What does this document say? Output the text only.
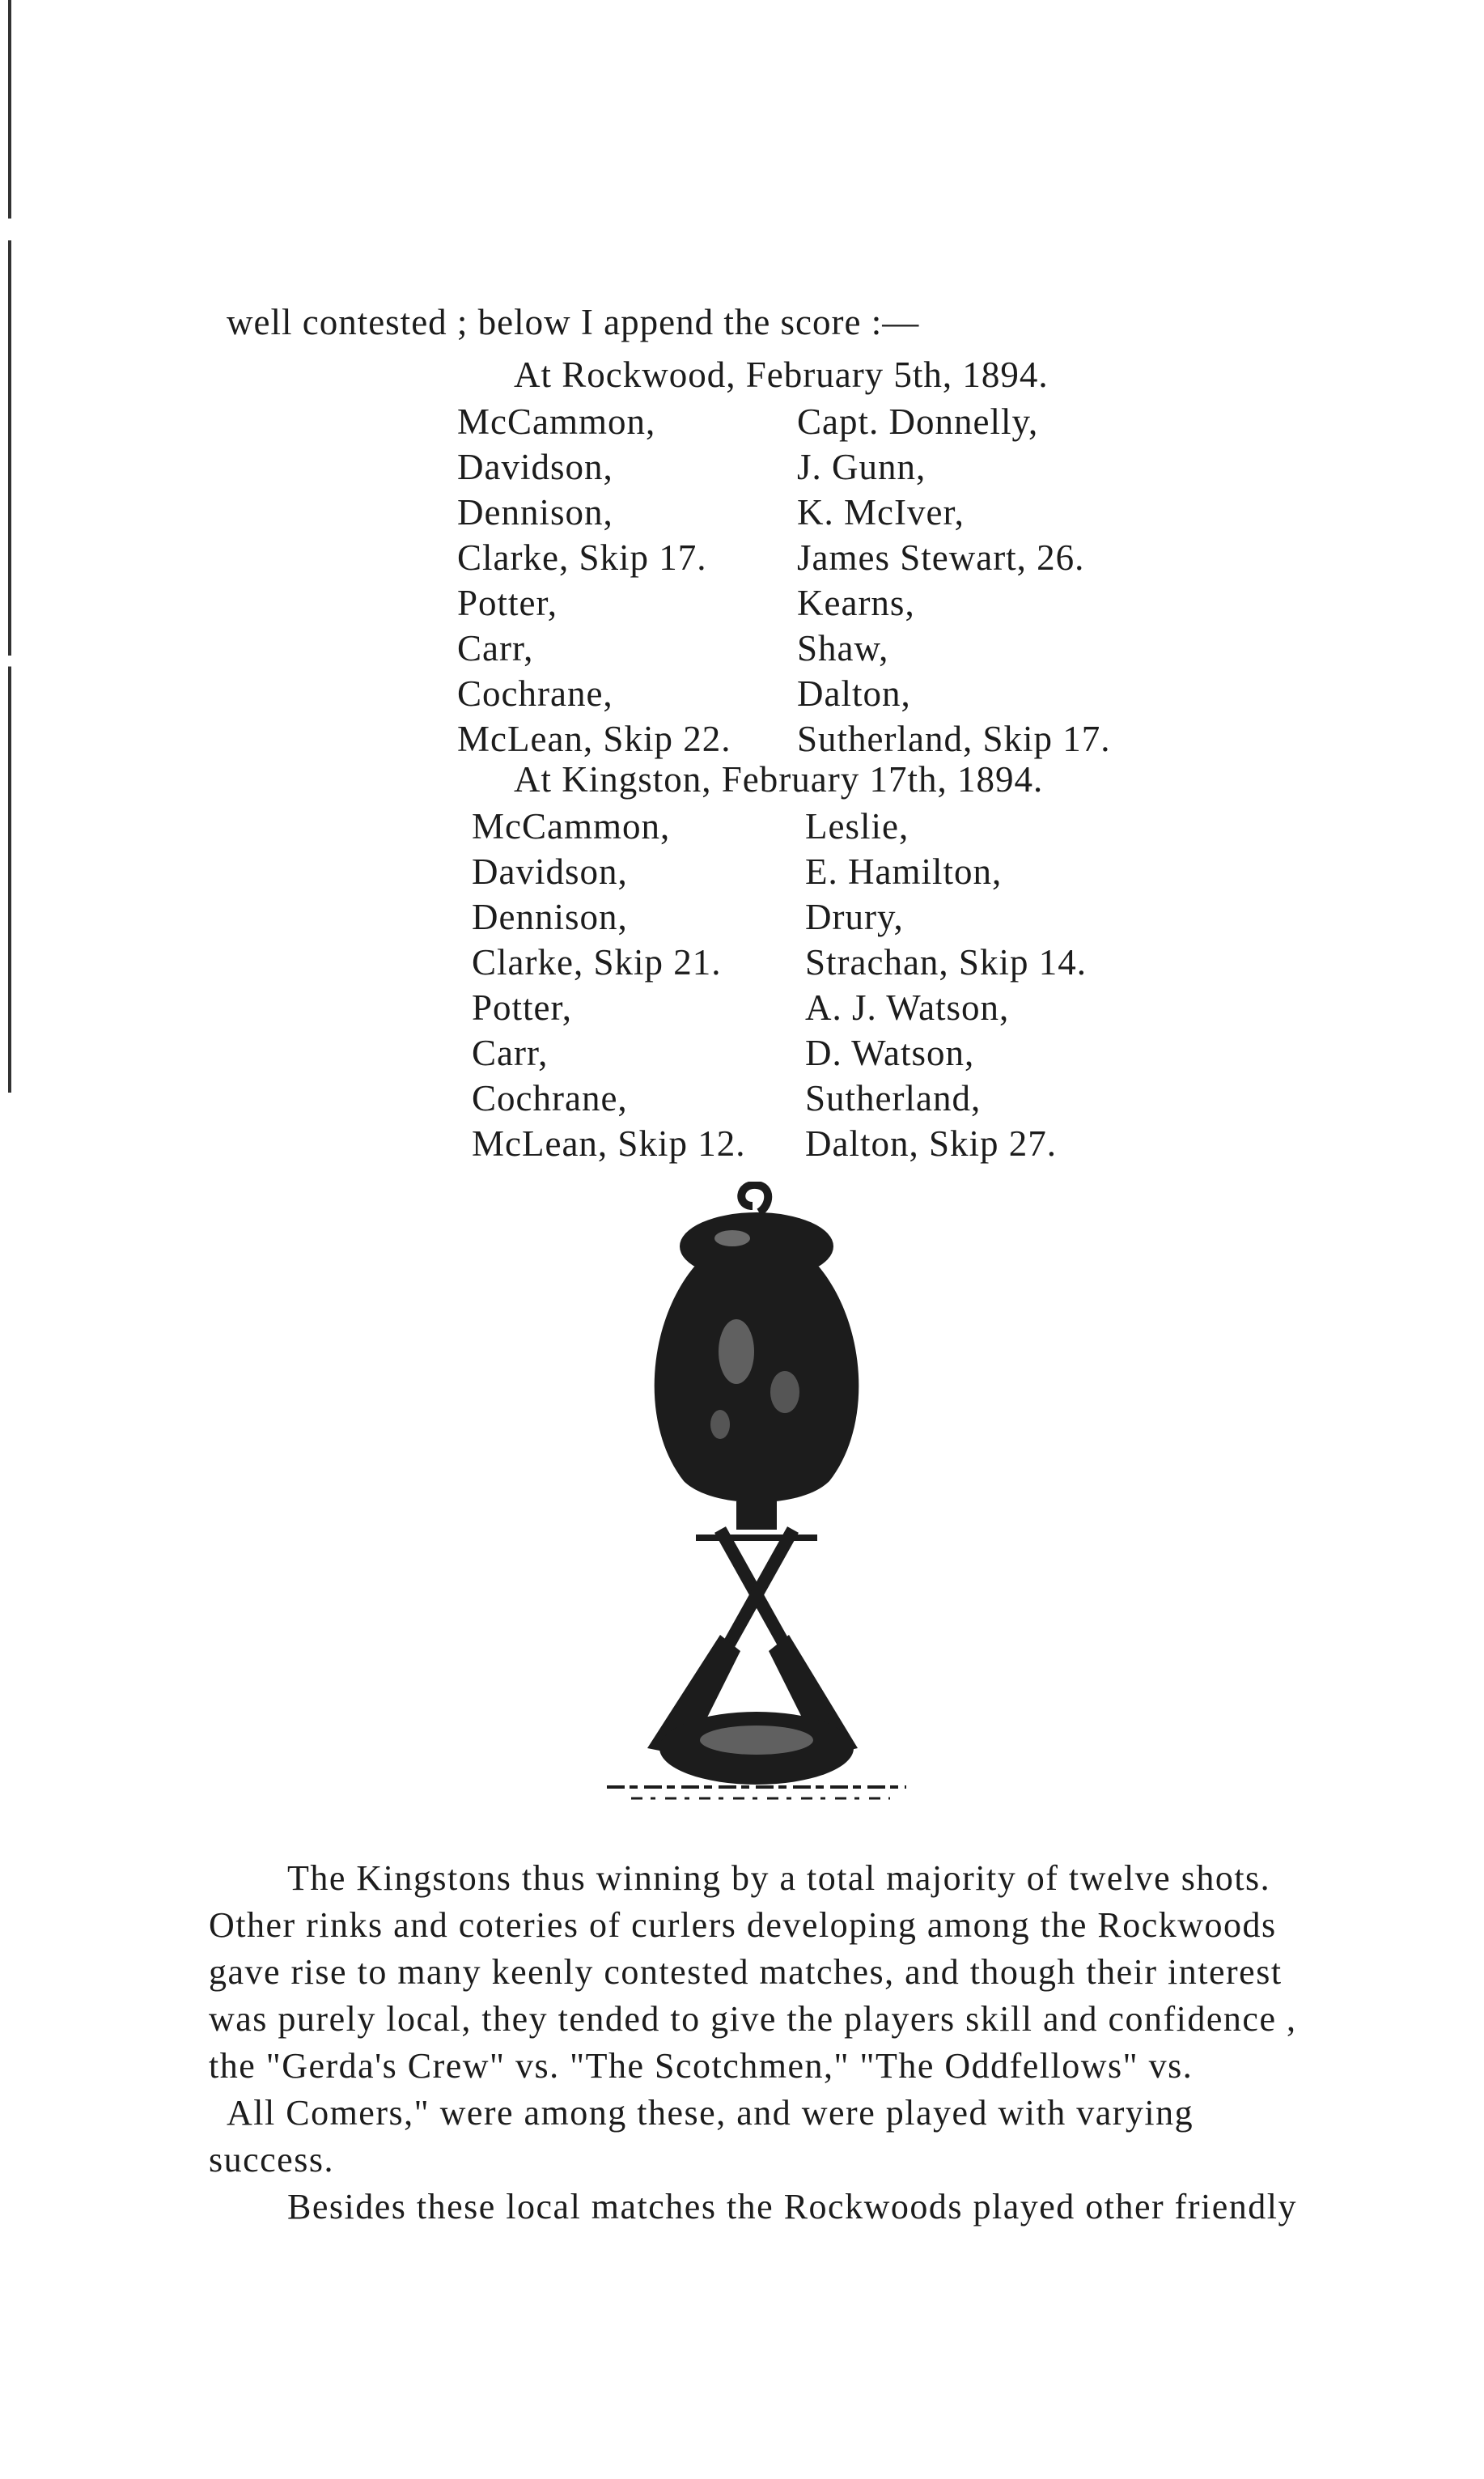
well contested ; below I append the score :—
At Rockwood, February 5th, 1894.
McCammon,
Davidson,
Dennison,
Clarke, Skip 17.
Potter,
Carr,
Cochrane,
McLean, Skip 22.
Capt. Donnelly,
J. Gunn,
K. McIver,
James Stewart, 26.
Kearns,
Shaw,
Dalton,
Sutherland, Skip 17.
At Kingston, February 17th, 1894.
McCammon,
Davidson,
Dennison,
Clarke, Skip 21.
Potter,
Carr,
Cochrane,
McLean, Skip 12.
Leslie,
E. Hamilton,
Drury,
Strachan, Skip 14.
A. J. Watson,
D. Watson,
Sutherland,
Dalton, Skip 27.
The Kingstons thus winning by a total majority of twelve shots.
Other rinks and coteries of curlers developing among the Rockwoods
gave rise to many keenly contested matches, and though their interest
was purely local, they tended to give the players skill and confidence ,
the "Gerda's Crew" vs. "The Scotchmen," "The Oddfellows" vs.
All Comers," were among these, and were played with varying
success.
Besides these local matches the Rockwoods played other friendly
